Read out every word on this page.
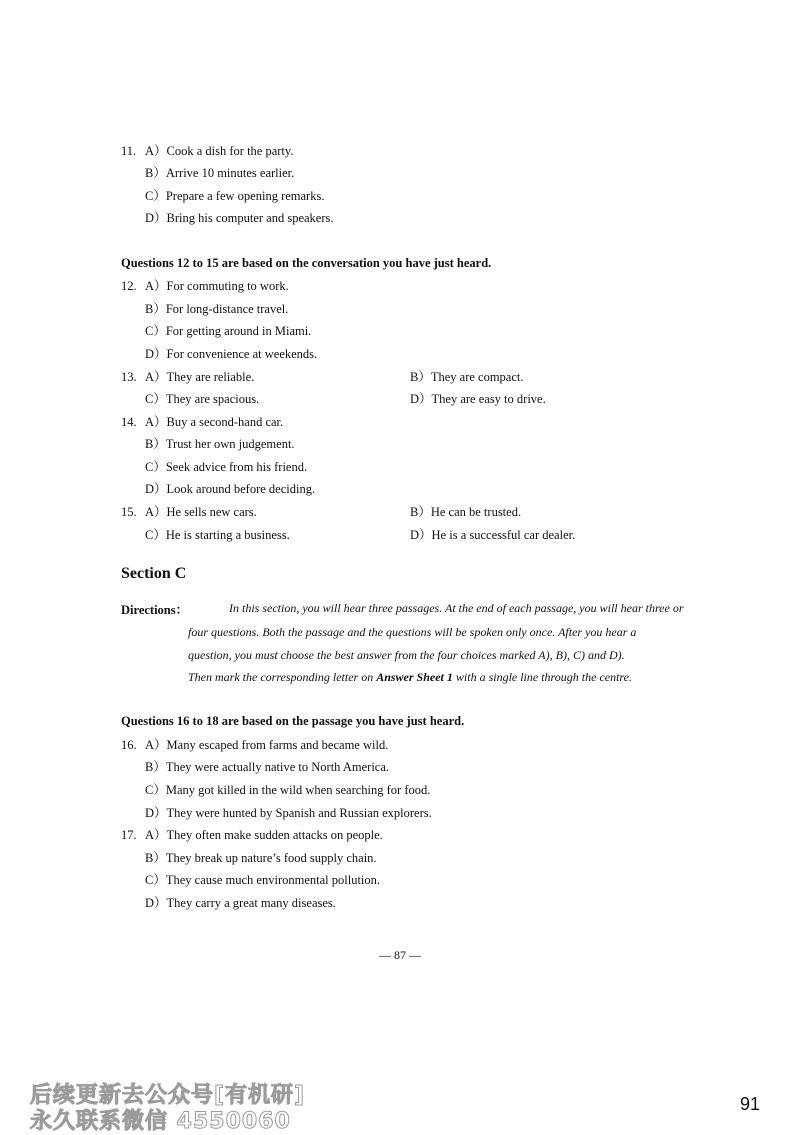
11. A）Cook a dish for the party.
B）Arrive 10 minutes earlier.
C）Prepare a few opening remarks.
D）Bring his computer and speakers.
Questions 12 to 15 are based on the conversation you have just heard.
12. A）For commuting to work.
B）For long-distance travel.
C）For getting around in Miami.
D）For convenience at weekends.
13. A）They are reliable.	B）They are compact.
C）They are spacious.	D）They are easy to drive.
14. A）Buy a second-hand car.
B）Trust her own judgement.
C）Seek advice from his friend.
D）Look around before deciding.
15. A）He sells new cars.	B）He can be trusted.
C）He is starting a business.	D）He is a successful car dealer.
Section C
Directions：	In this section, you will hear three passages. At the end of each passage, you will hear three or
four questions. Both the passage and the questions will be spoken only once. After you hear a
question, you must choose the best answer from the four choices marked A), B), C) and D).
Then mark the corresponding letter on Answer Sheet 1 with a single line through the centre.
Questions 16 to 18 are based on the passage you have just heard.
16. A）Many escaped from farms and became wild.
B）They were actually native to North America.
C）Many got killed in the wild when searching for food.
D）They were hunted by Spanish and Russian explorers.
17. A）They often make sudden attacks on people.
B）They break up nature’s food supply chain.
C）They cause much environmental pollution.
D）They carry a great many diseases.
— 87 —
后续更新去公众号[有机研]
永久联系微信 4550060
91
